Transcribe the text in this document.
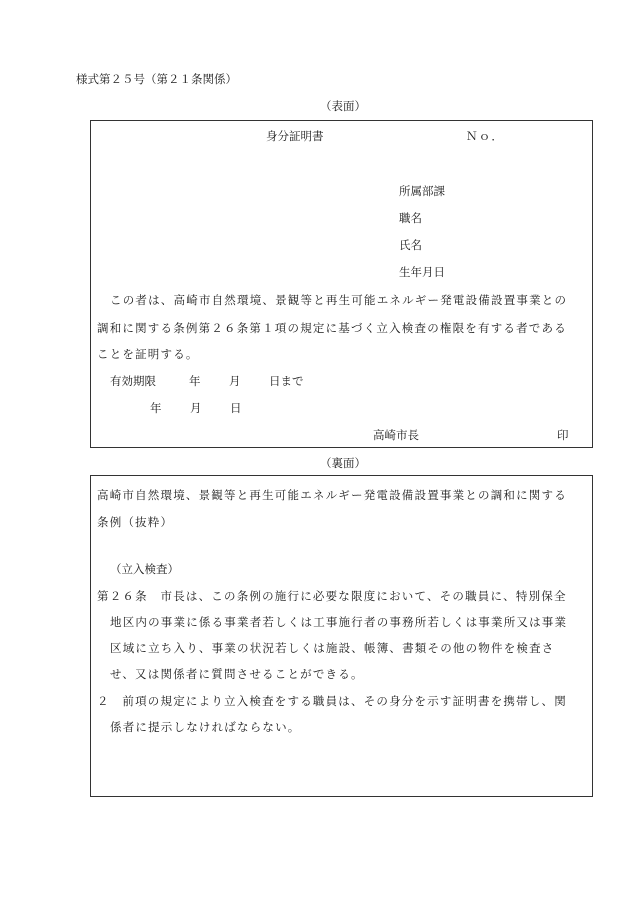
様式第２５号（第２１条関係）
（表面）
身分証明書	Ｎｏ．
所属部課
職名
氏名
生年月日
この者は、高崎市自然環境、景観等と再生可能エネルギー発電設備設置事業との
調和に関する条例第２６条第１項の規定に基づく立入検査の権限を有する者である
ことを証明する。
有効期限	年 月 日まで
年 月 日
高崎市長	印
（裏面）
高崎市自然環境、景観等と再生可能エネルギー発電設備設置事業との調和に関する
条例（抜粋）
（立入検査）
第２６条　市長は、この条例の施行に必要な限度において、その職員に、特別保全
地区内の事業に係る事業者若しくは工事施行者の事務所若しくは事業所又は事業
区域に立ち入り、事業の状況若しくは施設、帳簿、書類その他の物件を検査さ
せ、又は関係者に質問させることができる。
２　前項の規定により立入検査をする職員は、その身分を示す証明書を携帯し、関
係者に提示しなければならない。
